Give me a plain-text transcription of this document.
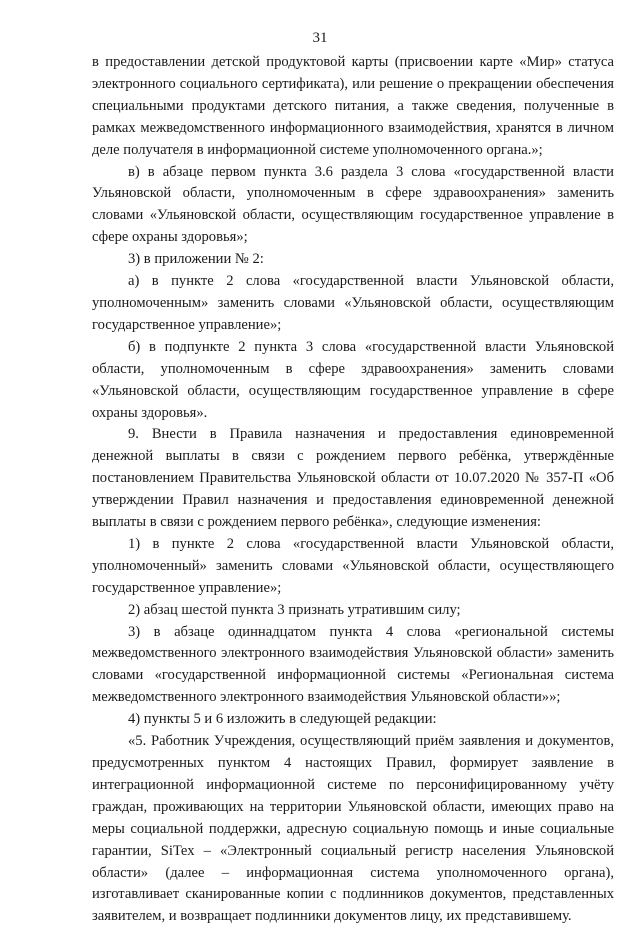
31

в предоставлении детской продуктовой карты (присвоении карте «Мир» статуса электронного социального сертификата), или решение о прекращении обеспечения специальными продуктами детского питания, а также сведения, полученные в рамках межведомственного информационного взаимодействия, хранятся в личном деле получателя в информационной системе уполномоченного органа.»;

в) в абзаце первом пункта 3.6 раздела 3 слова «государственной власти Ульяновской области, уполномоченным в сфере здравоохранения» заменить словами «Ульяновской области, осуществляющим государственное управление в сфере охраны здоровья»;

3) в приложении № 2:

а) в пункте 2 слова «государственной власти Ульяновской области, уполномоченным» заменить словами «Ульяновской области, осуществляющим государственное управление»;

б) в подпункте 2 пункта 3 слова «государственной власти Ульяновской области, уполномоченным в сфере здравоохранения» заменить словами «Ульяновской области, осуществляющим государственное управление в сфере охраны здоровья».

9. Внести в Правила назначения и предоставления единовременной денежной выплаты в связи с рождением первого ребёнка, утверждённые постановлением Правительства Ульяновской области от 10.07.2020 № 357-П «Об утверждении Правил назначения и предоставления единовременной денежной выплаты в связи с рождением первого ребёнка», следующие изменения:

1) в пункте 2 слова «государственной власти Ульяновской области, уполномоченный» заменить словами «Ульяновской области, осуществляющего государственное управление»;

2) абзац шестой пункта 3 признать утратившим силу;

3) в абзаце одиннадцатом пункта 4 слова «региональной системы межведомственного электронного взаимодействия Ульяновской области» заменить словами «государственной информационной системы «Региональная система межведомственного электронного взаимодействия Ульяновской области»»;

4) пункты 5 и 6 изложить в следующей редакции:

«5. Работник Учреждения, осуществляющий приём заявления и документов, предусмотренных пунктом 4 настоящих Правил, формирует заявление в интеграционной информационной системе по персонифицированному учёту граждан, проживающих на территории Ульяновской области, имеющих право на меры социальной поддержки, адресную социальную помощь и иные социальные гарантии, SiTex – «Электронный социальный регистр населения Ульяновской области» (далее – информационная система уполномоченного органа), изготавливает сканированные копии с подлинников документов, представленных заявителем, и возвращает подлинники документов лицу, их представившему.
